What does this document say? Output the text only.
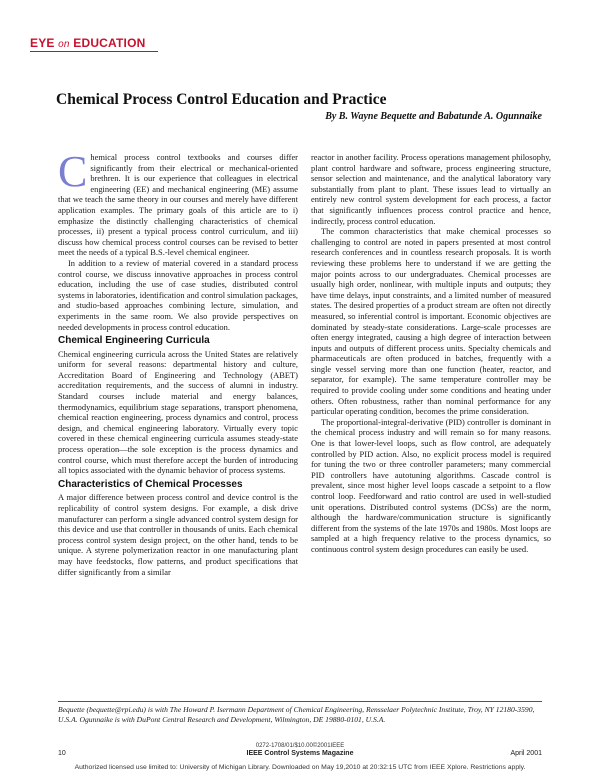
EYE on EDUCATION
Chemical Process Control Education and Practice
By B. Wayne Bequette and Babatunde A. Ogunnaike

Chemical process control textbooks and courses differ significantly from their electrical or mechanical-oriented brethren. It is our experience that colleagues in electrical engineering (EE) and mechanical engineering (ME) assume that we teach the same theory in our courses and merely have different application examples. The primary goals of this article are to i) emphasize the distinctly challenging characteristics of chemical processes, ii) present a typical process control curriculum, and iii) discuss how chemical process control courses can be revised to better meet the needs of a typical B.S.-level chemical engineer.

In addition to a review of material covered in a standard process control course, we discuss innovative approaches in process control education, including the use of case studies, distributed control systems in laboratories, identification and control simulation packages, and studio-based approaches combining lecture, simulation, and experiments in the same room. We also provide perspectives on needed developments in process control education.

Chemical Engineering Curricula

Chemical engineering curricula across the United States are relatively uniform for several reasons: departmental history and culture, Accreditation Board of Engineering and Technology (ABET) accreditation requirements, and the success of alumni in industry. Standard courses include material and energy balances, thermodynamics, equilibrium stage separations, transport phenomena, chemical reaction engineering, process dynamics and control, process design, and chemical engineering laboratory. Virtually every topic covered in these chemical engineering curricula assumes steady-state process operation—the sole exception is the process dynamics and control course, which must therefore accept the burden of introducing all topics associated with the dynamic behavior of process systems.

Characteristics of Chemical Processes

A major difference between process control and device control is the replicability of control system designs. For example, a disk drive manufacturer can perform a single advanced control system design for this device and use that controller in thousands of units. Each chemical process control system design project, on the other hand, tends to be unique. A styrene polymerization reactor in one manufacturing plant may have feedstocks, flow patterns, and product specifications that differ significantly from a similar

reactor in another facility. Process operations management philosophy, plant control hardware and software, process engineering structure, sensor selection and maintenance, and the analytical laboratory vary substantially from plant to plant. These issues lead to virtually an entirely new control system development for each process, a factor that significantly influences process control practice and hence, indirectly, process control education.

The common characteristics that make chemical processes so challenging to control are noted in papers presented at most control research conferences and in countless research proposals. It is worth reviewing these problems here to understand if we are getting the major points across to our undergraduates. Chemical processes are usually high order, nonlinear, with multiple inputs and outputs; they have time delays, input constraints, and a limited number of measured states. The desired properties of a product stream are often not directly measured, so inferential control is important. Economic objectives are dominated by steady-state considerations. Large-scale processes are often energy integrated, causing a high degree of interaction between inputs and outputs of different process units. Specialty chemicals and pharmaceuticals are often produced in batches, frequently with a single vessel serving more than one function (heater, reactor, and separator, for example). The same temperature controller may be required to provide cooling under some conditions and heating under others. Often robustness, rather than nominal performance for any particular operating condition, becomes the prime consideration.

The proportional-integral-derivative (PID) controller is dominant in the chemical process industry and will remain so for many reasons. One is that lower-level loops, such as flow control, are adequately controlled by PID action. Also, no explicit process model is required for tuning the two or three controller parameters; many commercial PID controllers have autotuning algorithms. Cascade control is prevalent, since most higher level loops cascade a setpoint to a flow control loop. Feedforward and ratio control are used in well-studied unit operations. Distributed control systems (DCSs) are the norm, although the hardware/communication structure is significantly different from the systems of the late 1970s and 1980s. Most loops are sampled at a high frequency relative to the process dynamics, so continuous control system design procedures can easily be used.

Bequette (bequette@rpi.edu) is with The Howard P. Isermann Department of Chemical Engineering, Rensselaer Polytechnic Institute, Troy, NY 12180-3590, U.S.A. Ogunnaike is with DuPont Central Research and Development, Wilmington, DE 19880-0101, U.S.A.
0272-1708/01/$10.00©2001IEEE
10	IEEE Control Systems Magazine	April 2001
Authorized licensed use limited to: University of Michigan Library. Downloaded on May 19,2010 at 20:32:15 UTC from IEEE Xplore. Restrictions apply.
